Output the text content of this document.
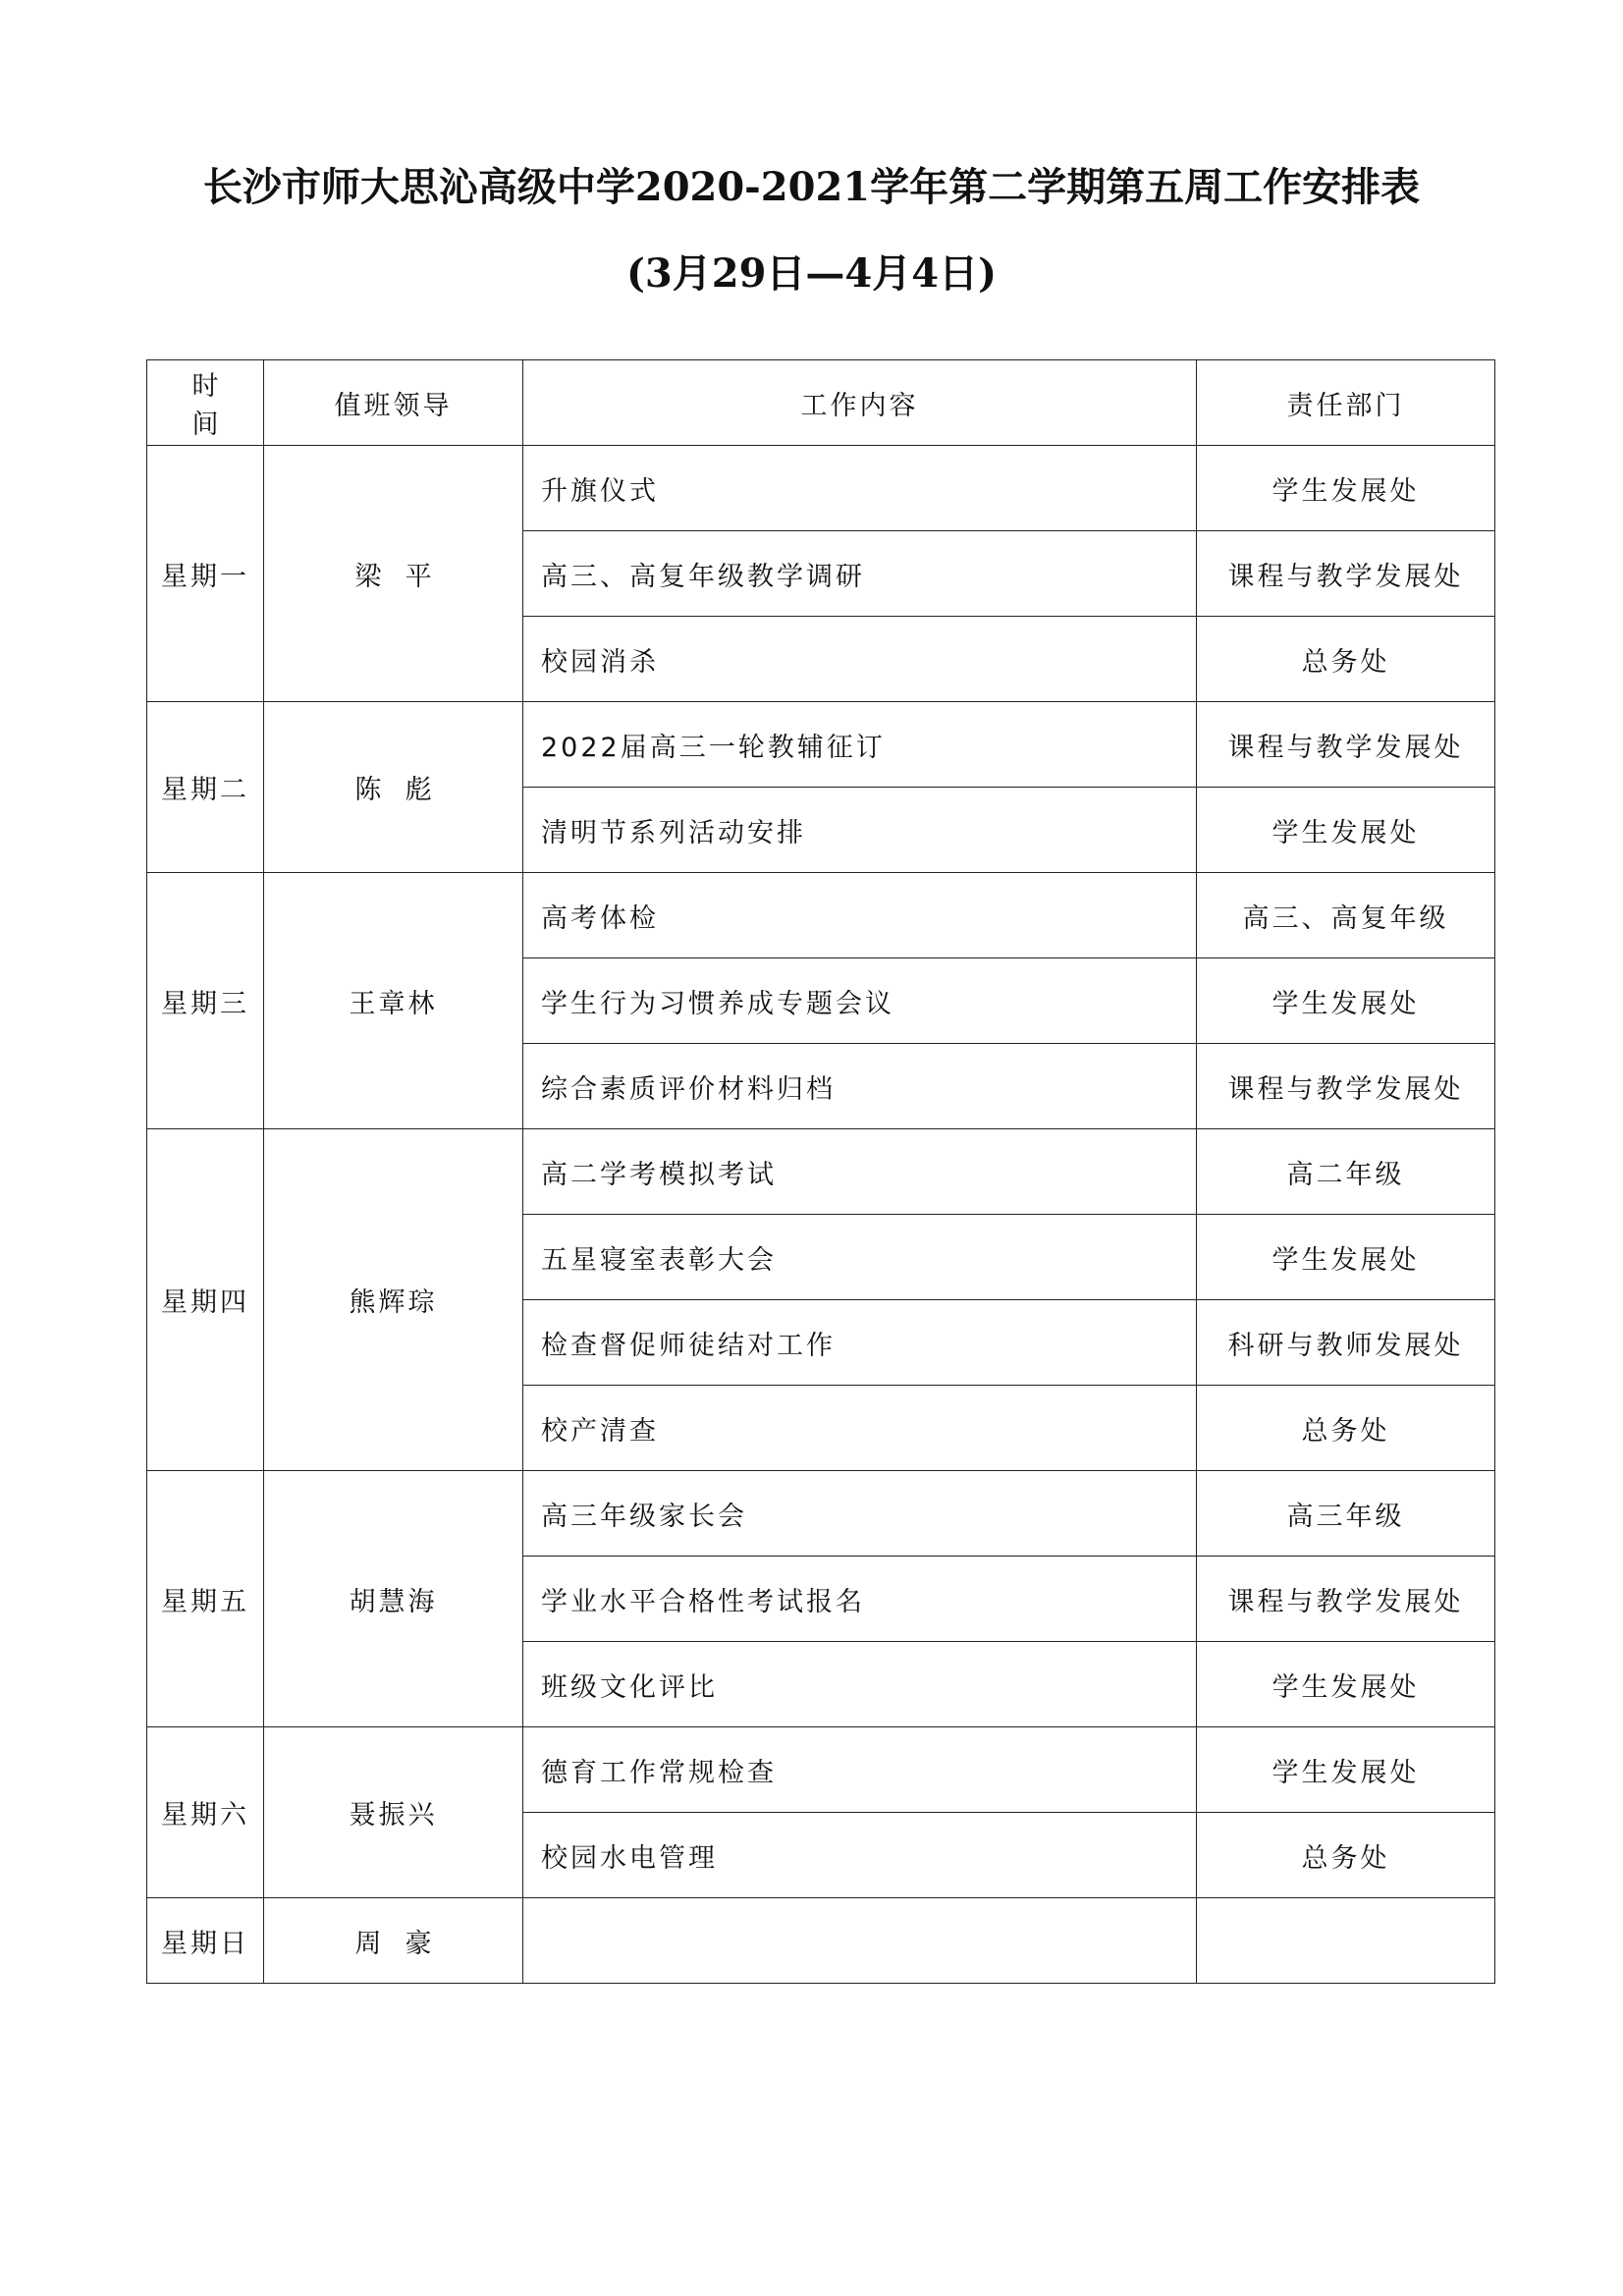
长沙市师大思沁高级中学2020-2021学年第二学期第五周工作安排表
(3月29日—4月4日)
时间	值班领导	工作内容	责任部门
星期一	梁平	升旗仪式	学生发展处
		高三、高复年级教学调研	课程与教学发展处
		校园消杀	总务处
星期二	陈彪	2022届高三一轮教辅征订	课程与教学发展处
		清明节系列活动安排	学生发展处
星期三	王章林	高考体检	高三、高复年级
		学生行为习惯养成专题会议	学生发展处
		综合素质评价材料归档	课程与教学发展处
星期四	熊辉琮	高二学考模拟考试	高二年级
		五星寝室表彰大会	学生发展处
		检查督促师徒结对工作	科研与教师发展处
		校产清查	总务处
星期五	胡慧海	高三年级家长会	高三年级
		学业水平合格性考试报名	课程与教学发展处
		班级文化评比	学生发展处
星期六	聂振兴	德育工作常规检查	学生发展处
		校园水电管理	总务处
星期日	周豪		
